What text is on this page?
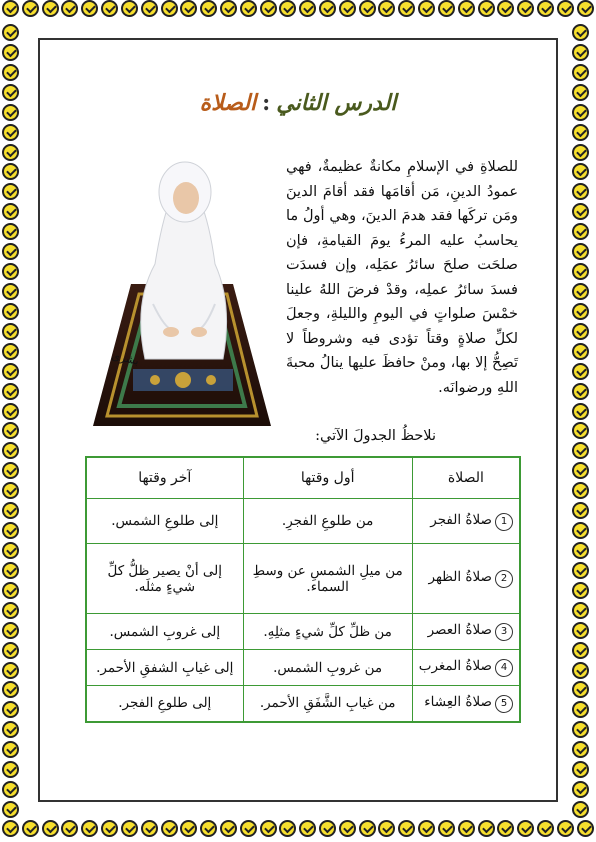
الدرس الثاني:الصلاة
للصلاةِ في الإسلامِ مكانةٌ عظيمةٌ، فهي عمودُ الدينِ، مَن أقامَها فقد أقامَ الدينَ ومَن تركَها فقد هدمَ الدينَ، وهي أولُ ما يحاسبُ عليه المرءُ يومَ القيامةِ، فإن صلحَت صلحَ سائرُ عمَلِه، وإن فسدَت فسدَ سائرُ عملِه، وقدْ فرضَ اللهُ علينا خمْسَ صلواتٍ في اليومِ والليلةِ، وجعلَ لكلِّ صلاةٍ وقتاً تؤدى فيه وشروطاً لا تَصِحُّ إلا بها، ومنْ حافظَ عليها ينالُ محبةَ اللهِ ورضوانَه.
بشرى
نلاحظُ الجدولَ الآتي:
الصلاة	أول وقتها	آخر وقتها
1صلاةُ الفجر	من طلوعِ الفجرِ.	إلى طلوعِ الشمس.
2صلاةُ الظهر	من ميلِ الشمسِ عن وسطِ السماء.	إلى أنْ يصير ظلُّ كلِّ شيءٍ مثلَه.
3صلاةُ العصر	من ظلِّ كلِّ شيءٍ مثلِهِ.	إلى غروبِ الشمس.
4صلاةُ المغرب	من غروبِ الشمس.	إلى غيابِ الشفقِ الأحمر.
5صلاةُ العِشاء	من غيابِ الشَّفَقِ الأحمر.	إلى طلوعِ الفجر.
